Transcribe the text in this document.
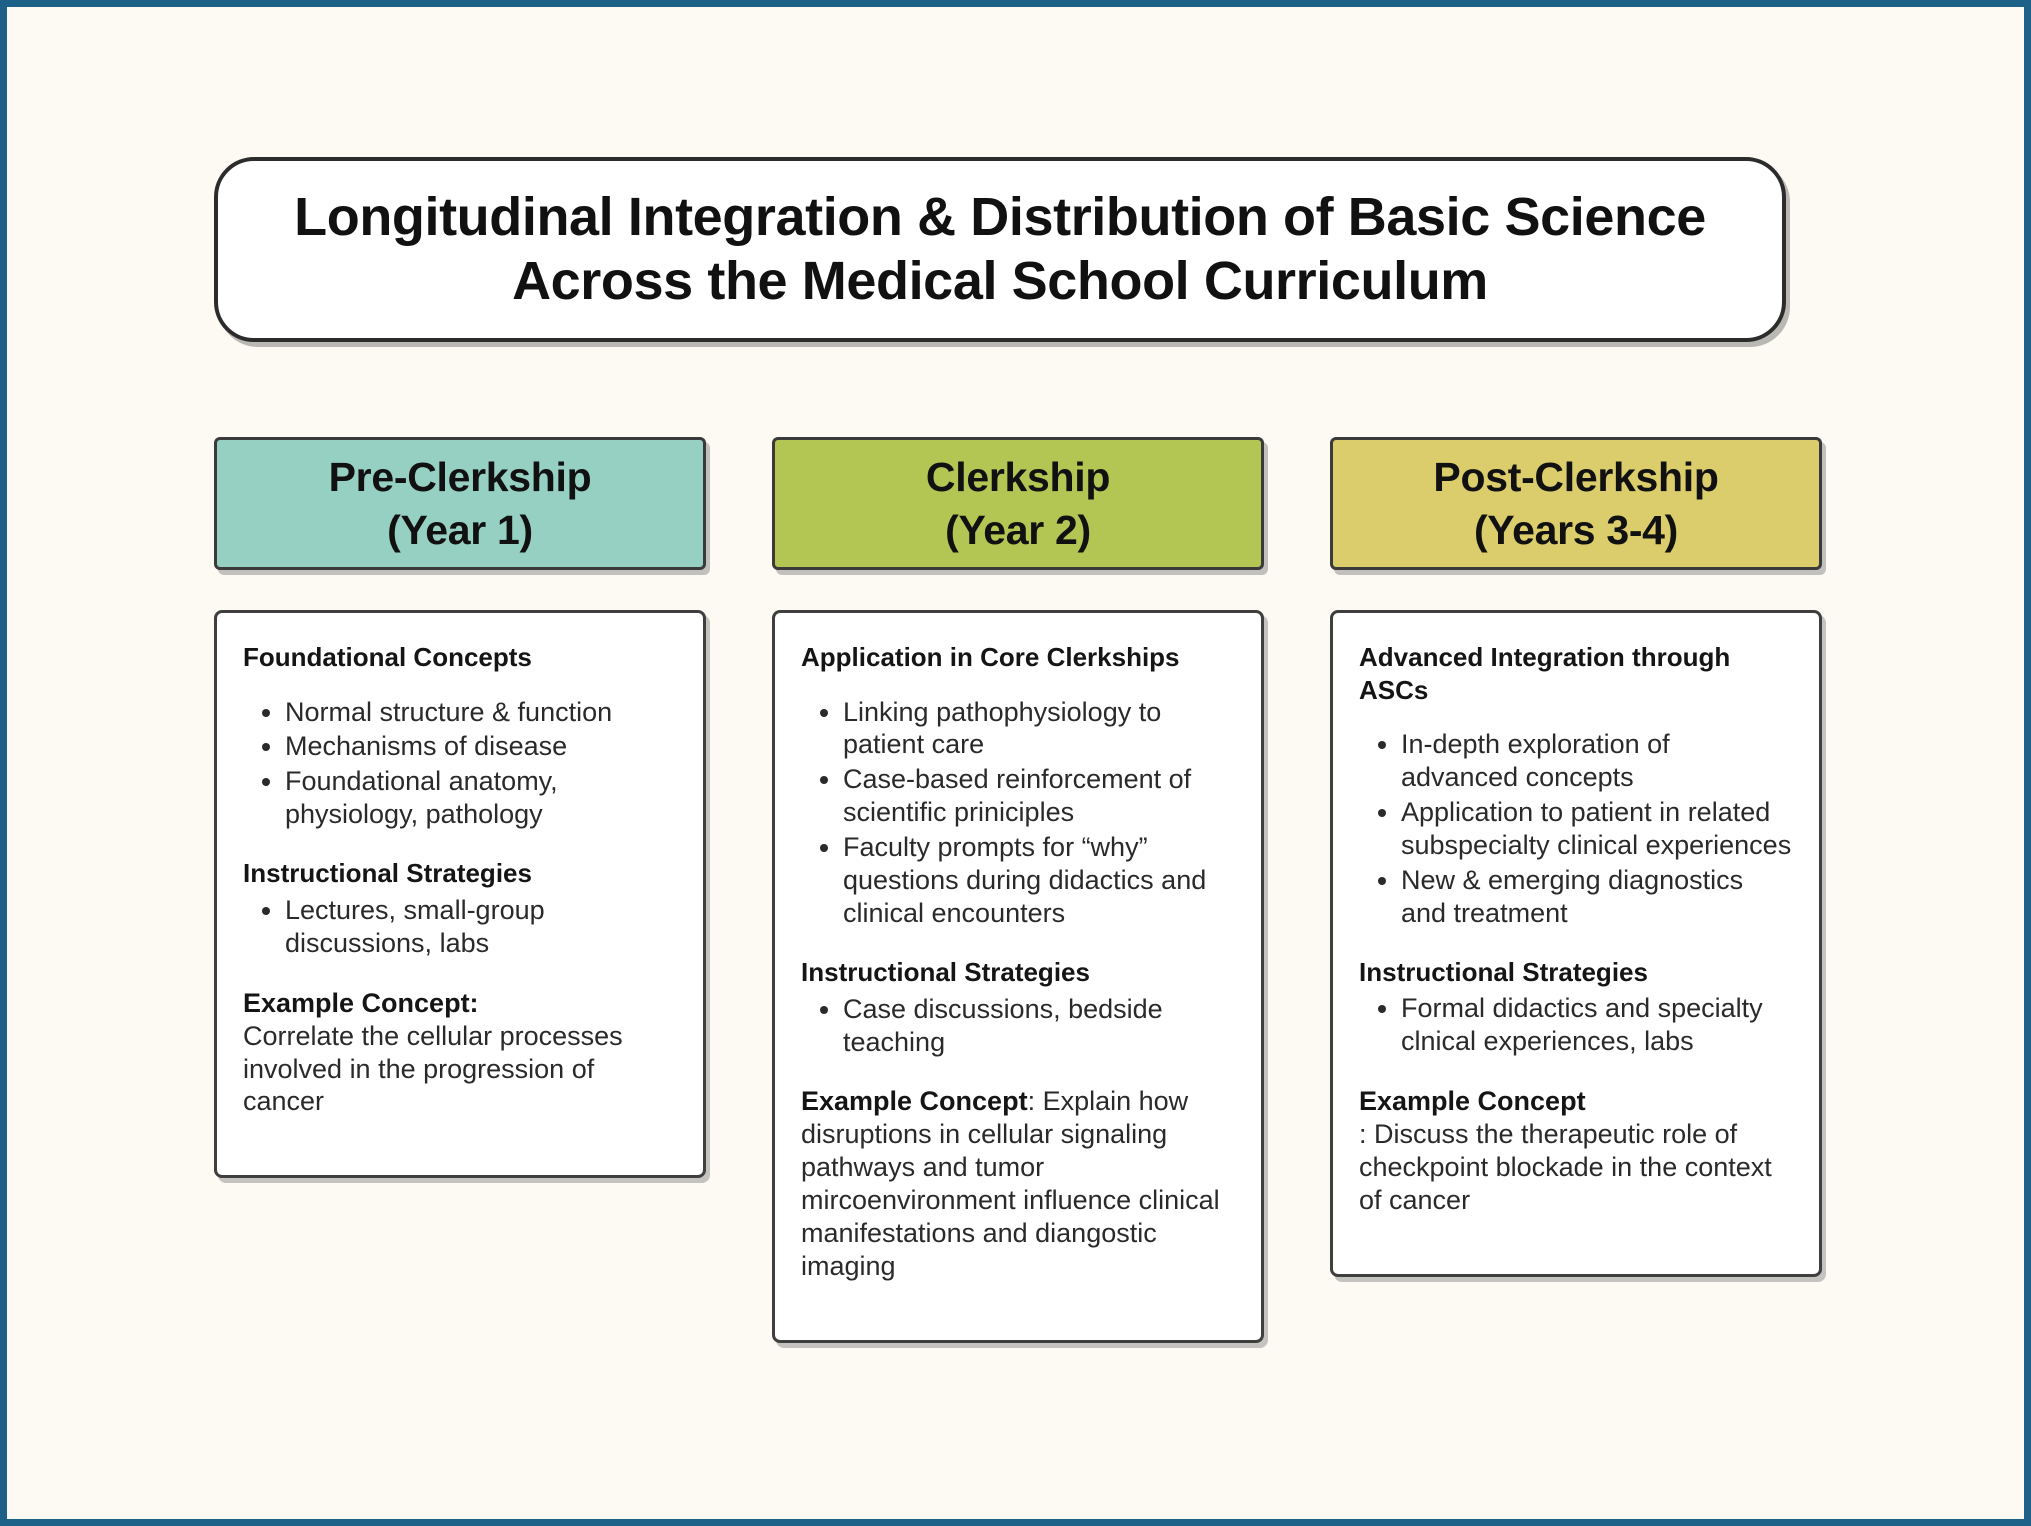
Longitudinal Integration & Distribution of Basic Science Across the Medical School Curriculum
Pre-Clerkship
(Year 1)
Foundational Concepts
• Normal structure & function
• Mechanisms of disease
• Foundational anatomy, physiology, pathology
Instructional Strategies
• Lectures, small-group discussions, labs

Example Concept:
Correlate the cellular processes involved in the progression of cancer

Clerkship
(Year 2)
Application in Core Clerkships
• Linking pathophysiology to patient care
• Case-based reinforcement of scientific priniciples
• Faculty prompts for “why” questions during didactics and clinical encounters
Instructional Strategies
• Case discussions, bedside teaching

Example Concept: Explain how disruptions in cellular signaling pathways and tumor mircoenvironment influence clinical manifestations and diangostic imaging

Post-Clerkship
(Years 3-4)
Advanced Integration through ASCs
• In-depth exploration of advanced concepts
• Application to patient in related subspecialty clinical experiences
• New & emerging diagnostics and treatment
Instructional Strategies
• Formal didactics and specialty clnical experiences, labs

Example Concept
: Discuss the therapeutic role of checkpoint blockade in the context of cancer
